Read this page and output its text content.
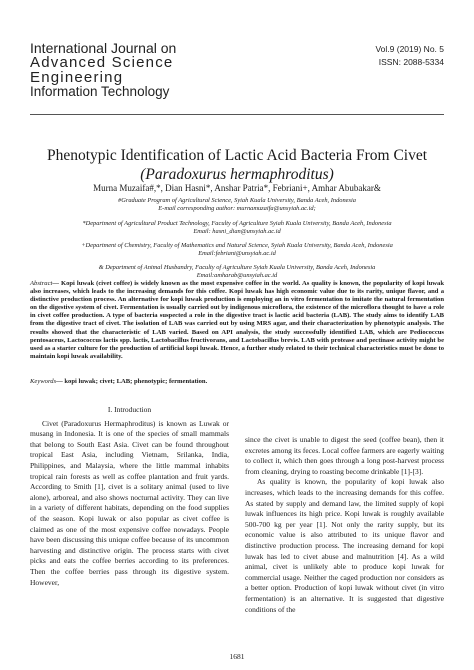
International Journal on
Advanced Science
Engineering
Information Technology
Vol.9 (2019) No. 5
ISSN: 2088-5334
Phenotypic Identification of Lactic Acid Bacteria From Civet
(Paradoxurus hermaphroditus)
Murna Muzaifa#,*, Dian Hasni*, Anshar Patria*, Febriani+, Amhar Abubakar&
#Graduate Program of Agricultural Science, Syiah Kuala University, Banda Aceh, Indonesia
E-mail corresponding author: murnamuzaifa@unsyiah.ac.id;
*Department of Agricultural Product Technology, Faculty of Agriculture Syiah Kuala University, Banda Aceh, Indonesia
Email: hasni_dian@unsyiah.ac.id
+Department of Chemistry, Faculty of Mathematics and Natural Science, Syiah Kuala University, Banda Aceh, Indonesia
Email:febriani@unsyiah.ac.id
& Department of Animal Husbandry, Faculty of Agriculture Syiah Kuala University, Banda Aceh, Indonesia
Email:amharab@unsyiah.ac.id
Abstract— Kopi luwak (civet coffee) is widely known as the most expensive coffee in the world. As quality is known, the popularity of kopi luwak also increases, which leads to the increasing demands for this coffee. Kopi luwak has high economic value due to its rarity, unique flavor, and a distinctive production process. An alternative for kopi luwak production is employing an in vitro fermentation to imitate the natural fermentation on the digestive system of civet. Fermentation is usually carried out by indigenous microflora, the existence of the microflora thought to have a role in civet coffee production. A type of bacteria suspected a role in the digestive tract is lactic acid bacteria (LAB). The study aims to identify LAB from the digestive tract of civet. The isolation of LAB was carried out by using MRS agar, and their characterization by phenotypic analysis. The results showed that the characteristic of LAB varied. Based on API analysis, the study successfully identified LAB, which are Pediococcus pentosaceus, Lactococcus lactis spp. lactis, Lactobacillus fructivorans, and Lactobacillus brevis. LAB with protease and pectinase activity might be used as a starter culture for the production of artificial kopi luwak. Hence, a further study related to their technical characteristics must be done to maintain kopi luwak availability.
Keywords— kopi luwak; civet; LAB; phenotypic; fermentation.
I. Introduction

Civet (Paradoxurus Hermaphroditus) is known as Luwak or musang in Indonesia. It is one of the species of small mammals that belong to South East Asia. Civet can be found throughout tropical East Asia, including Vietnam, Srilanka, India, Philippines, and Malaysia, where the little mammal inhabits tropical rain forests as well as coffee plantation and fruit yards. According to Smith [1], civet is a solitary animal (used to live alone), arboreal, and also shows nocturnal activity. They can live in a variety of different habitats, depending on the food supplies of the season. Kopi luwak or also popular as civet coffee is claimed as one of the most expensive coffee nowadays. People have been discussing this unique coffee because of its uncommon harvesting and distinctive origin. The process starts with civet picks and eats the coffee berries according to its preferences. Then the coffee berries pass through its digestive system. However,

since the civet is unable to digest the seed (coffee bean), then it excretes among its feces. Local coffee farmers are eagerly waiting to collect it, which then goes through a long post-harvest process from cleaning, drying to roasting become drinkable [1]-[3].

As quality is known, the popularity of kopi luwak also increases, which leads to the increasing demands for this coffee. As stated by supply and demand law, the limited supply of kopi luwak influences its high price. Kopi luwak is roughly available 500-700 kg per year [1]. Not only the rarity supply, but its economic value is also attributed to its unique flavor and distinctive production process. The increasing demand for kopi luwak has led to civet abuse and malnutrition [4]. As a wild animal, civet is unlikely able to produce kopi luwak for commercial usage. Neither the caged production nor considers as a better option. Production of kopi luwak without civet (in vitro fermentation) is an alternative. It is suggested that digestive conditions of the

1681
